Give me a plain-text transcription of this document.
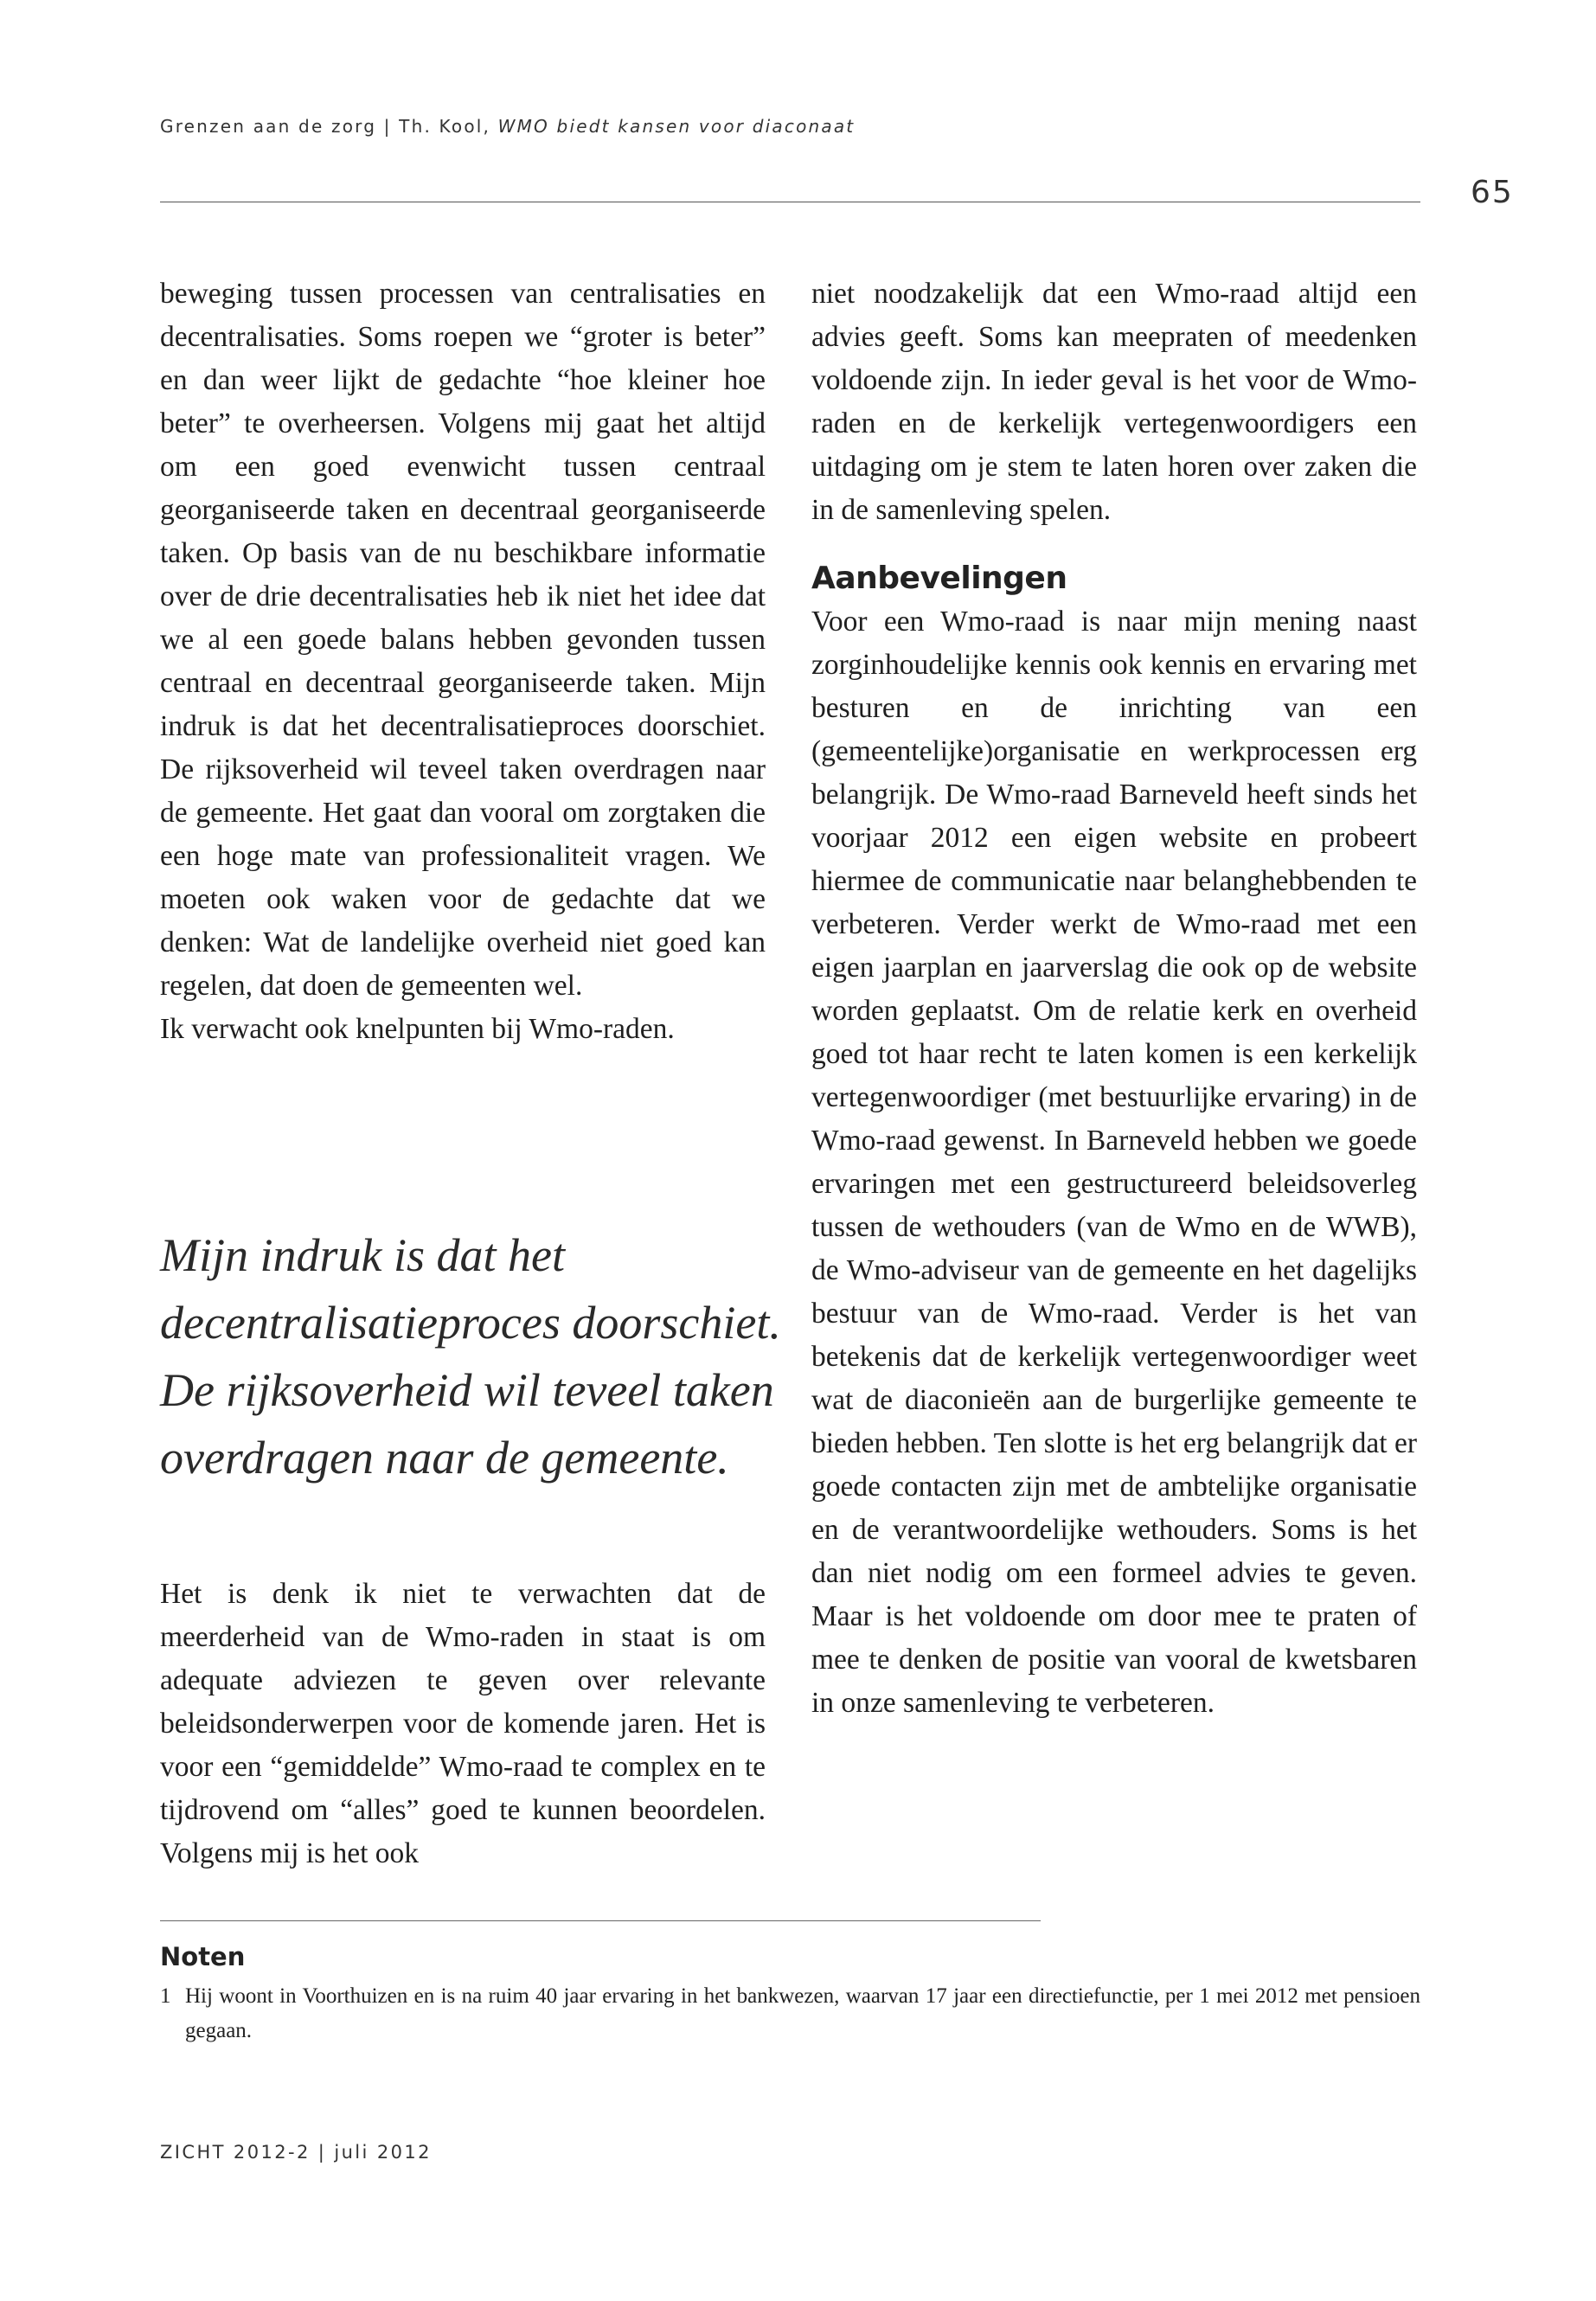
Grenzen aan de zorg | Th. Kool, WMO biedt kansen voor diaconaat
65

beweging tussen processen van centralisaties en decentralisaties. Soms roepen we “groter is beter” en dan weer lijkt de gedachte “hoe kleiner hoe beter” te overheersen. Volgens mij gaat het altijd om een goed evenwicht tussen centraal georganiseerde taken en decentraal georganiseerde taken. Op basis van de nu beschikbare informatie over de drie decentralisaties heb ik niet het idee dat we al een goede balans hebben gevonden tussen centraal en decentraal georganiseerde taken. Mijn indruk is dat het decentralisatieproces doorschiet. De rijksoverheid wil teveel taken overdragen naar de gemeente. Het gaat dan vooral om zorgtaken die een hoge mate van professionaliteit vragen. We moeten ook waken voor de gedachte dat we denken: Wat de landelijke overheid niet goed kan regelen, dat doen de gemeenten wel.

Ik verwacht ook knelpunten bij Wmo-raden.

Mijn indruk is dat het decentralisatieproces doorschiet. De rijksoverheid wil teveel taken overdragen naar de gemeente.

Het is denk ik niet te verwachten dat de meerderheid van de Wmo-raden in staat is om adequate adviezen te geven over relevante beleidsonderwerpen voor de komende jaren. Het is voor een “gemiddelde” Wmo-raad te complex en te tijdrovend om “alles” goed te kunnen beoordelen. Volgens mij is het ook

niet noodzakelijk dat een Wmo-raad altijd een advies geeft. Soms kan meepraten of meedenken voldoende zijn. In ieder geval is het voor de Wmo-raden en de kerkelijk vertegenwoordigers een uitdaging om je stem te laten horen over zaken die in de samenleving spelen.

Aanbevelingen

Voor een Wmo-raad is naar mijn mening naast zorginhoudelijke kennis ook kennis en ervaring met besturen en de inrichting van een (gemeentelijke)organisatie en werkprocessen erg belangrijk. De Wmo-raad Barneveld heeft sinds het voorjaar 2012 een eigen website en probeert hiermee de communicatie naar belanghebbenden te verbeteren. Verder werkt de Wmo-raad met een eigen jaarplan en jaarverslag die ook op de website worden geplaatst. Om de relatie kerk en overheid goed tot haar recht te laten komen is een kerkelijk vertegenwoordiger (met bestuurlijke ervaring) in de Wmo-raad gewenst. In Barneveld hebben we goede ervaringen met een gestructureerd beleidsoverleg tussen de wethouders (van de Wmo en de WWB), de Wmo-adviseur van de gemeente en het dagelijks bestuur van de Wmo-raad. Verder is het van betekenis dat de kerkelijk vertegenwoordiger weet wat de diaconieën aan de burgerlijke gemeente te bieden hebben. Ten slotte is het erg belangrijk dat er goede contacten zijn met de ambtelijke organisatie en de verantwoordelijke wethouders. Soms is het dan niet nodig om een formeel advies te geven. Maar is het voldoende om door mee te praten of mee te denken de positie van vooral de kwetsbaren in onze samenleving te verbeteren.

Noten
1 Hij woont in Voorthuizen en is na ruim 40 jaar ervaring in het bankwezen, waarvan 17 jaar een directiefunctie, per 1 mei 2012 met pensioen gegaan.
ZICHT 2012-2 | juli 2012
